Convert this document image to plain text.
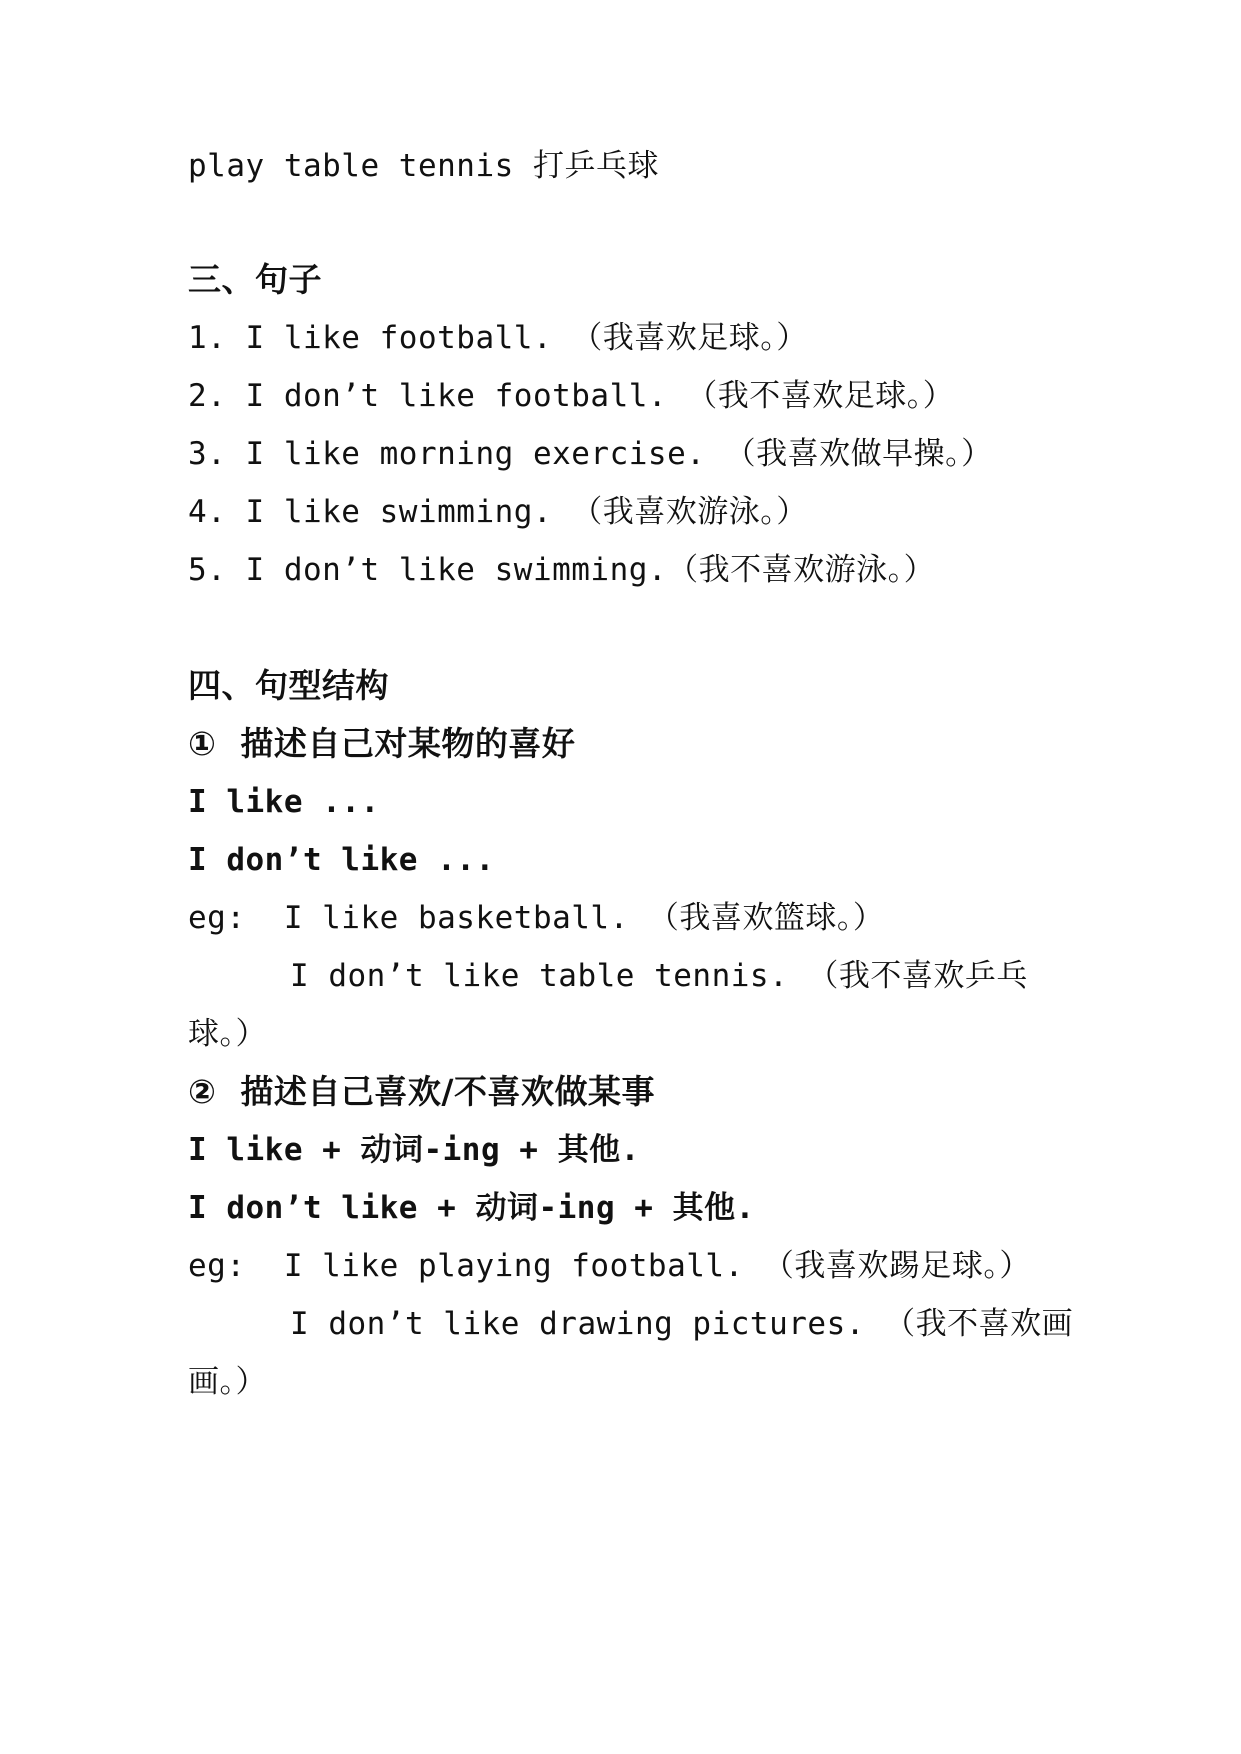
play table tennis 打乒乓球
三、句子
1. I like football. （我喜欢足球。）
2. I don’t like football. （我不喜欢足球。）
3. I like morning exercise. （我喜欢做早操。）
4. I like swimming. （我喜欢游泳。）
5. I don’t like swimming.（我不喜欢游泳。）
四、句型结构
①  描述自己对某物的喜好
I like ...
I don’t like ...
eg:  I like basketball. （我喜欢篮球。）
I don’t like table tennis. （我不喜欢乒乓
球。）
②  描述自己喜欢/不喜欢做某事
I like + 动词-ing + 其他.
I don’t like + 动词-ing + 其他.
eg:  I like playing football. （我喜欢踢足球。）
I don’t like drawing pictures. （我不喜欢画
画。）
